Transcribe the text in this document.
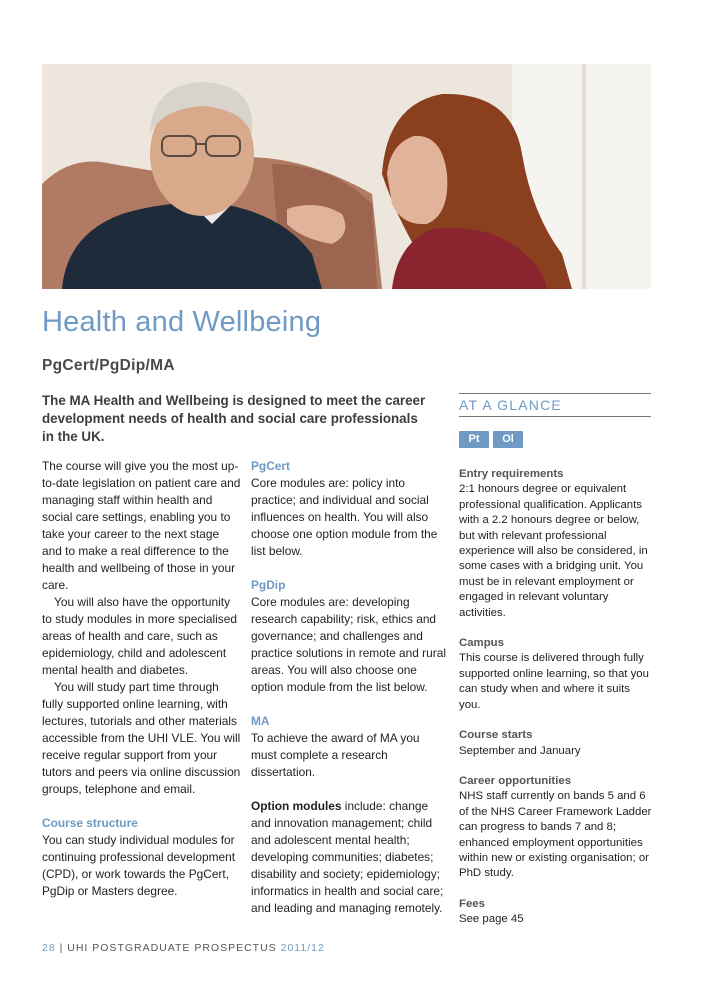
Health and Wellbeing
PgCert/PgDip/MA

The MA Health and Wellbeing is designed to meet the career development needs of health and social care professionals in the UK.

The course will give you the most up-to-date legislation on patient care and managing staff within health and social care settings, enabling you to take your career to the next stage and to make a real difference to the health and wellbeing of those in your care.

You will also have the opportunity to study modules in more specialised areas of health and care, such as epidemiology, child and adolescent mental health and diabetes.

You will study part time through fully supported online learning, with lectures, tutorials and other materials accessible from the UHI VLE. You will receive regular support from your tutors and peers via online discussion groups, telephone and email.

Course structure

You can study individual modules for continuing professional development (CPD), or work towards the PgCert, PgDip or Masters degree.

PgCert

Core modules are: policy into practice; and individual and social influences on health. You will also choose one option module from the list below.

PgDip

Core modules are: developing research capability; risk, ethics and governance; and challenges and practice solutions in remote and rural areas. You will also choose one option module from the list below.

MA

To achieve the award of MA you must complete a research dissertation.

Option modules include: change and innovation management; child and adolescent mental health; developing communities; diabetes; disability and society; epidemiology; informatics in health and social care; and leading and managing remotely.

AT A GLANCE
Pt	Ol

Entry requirements

2:1 honours degree or equivalent professional qualification. Applicants with a 2.2 honours degree or below, but with relevant professional experience will also be considered, in some cases with a bridging unit. You must be in relevant employment or engaged in relevant voluntary activities.

Campus

This course is delivered through fully supported online learning, so that you can study when and where it suits you.

Course starts

September and January

Career opportunities

NHS staff currently on bands 5 and 6 of the NHS Career Framework Ladder can progress to bands 7 and 8; enhanced employment opportunities within new or existing organisation; or PhD study.

Fees

See page 45

28 | UHI POSTGRADUATE PROSPECTUS 2011/12
